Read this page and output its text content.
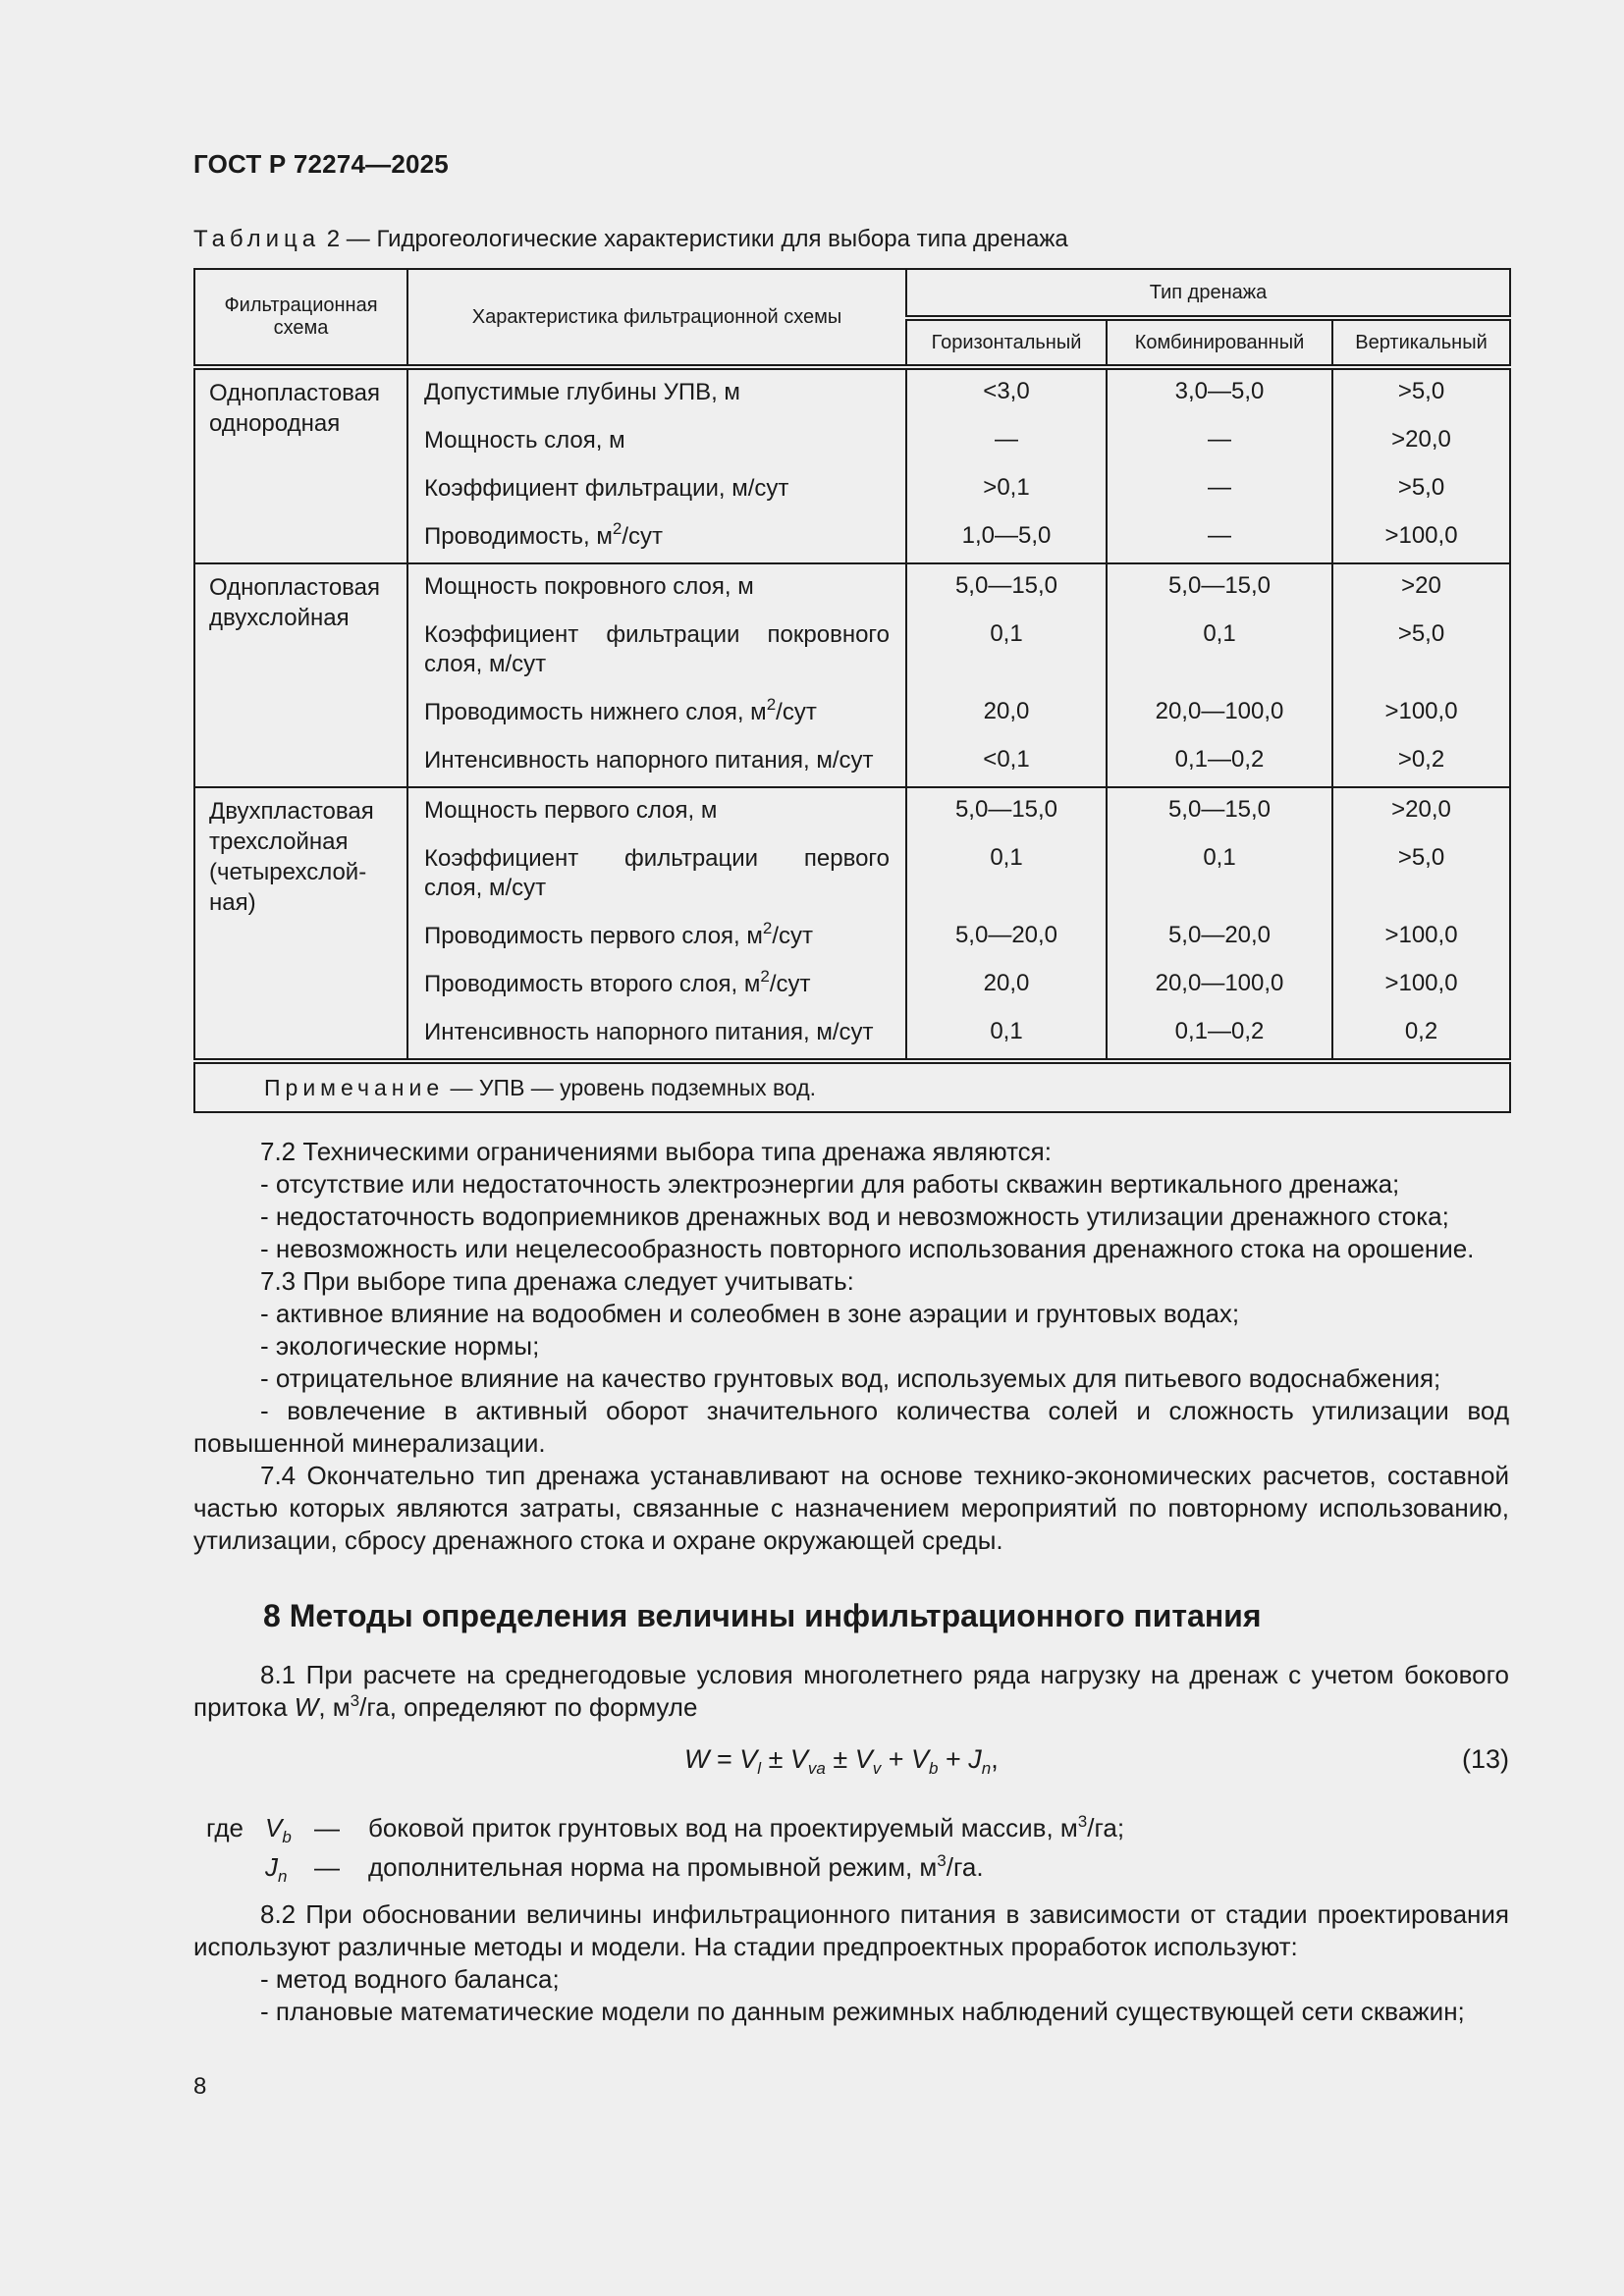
ГОСТ Р 72274—2025
Таблица 2 — Гидрогеологические характеристики для выбора типа дренажа
Фильтрационная схема	Характеристика фильтрационной схемы	Тип дренажа		
		Горизонтальный	Комбинированный	Вертикальный
Однопластовая однородная	Допустимые глубины УПВ, м	<3,0	3,0—5,0	>5,0

	Мощность слоя, м	—	—	>20,0

	Коэффициент фильтрации, м/сут	>0,1	—	>5,0

	Проводимость, $м^2$/сут	1,0—5,0	—	>100,0

Однопластовая двухслойная	Мощность покровного слоя, м	5,0—15,0	5,0—15,0	>20

	Коэффициент фильтрации покровного
слоя, м/сут	0,1	0,1	>5,0

	Проводимость нижнего слоя, $м^2$/сут	20,0	20,0—100,0	>100,0

	Интенсивность напорного питания, м/сут	<0,1	0,1—0,2	>0,2

Двухпластовая
трехслойная
(четырехслой-
ная)	Мощность первого слоя, м	5,0—15,0	5,0—15,0	>20,0

	Коэффициент фильтрации первого
слоя, м/сут	0,1	0,1	>5,0

	Проводимость первого слоя, $м^2$/сут	5,0—20,0	5,0—20,0	>100,0

	Проводимость второго слоя, $м^2$/сут	20,0	20,0—100,0	>100,0

	Интенсивность напорного питания, м/сут	0,1	0,1—0,2	0,2

Примечание — УПВ — уровень подземных вод.				

7.2 Техническими ограничениями выбора типа дренажа являются:

- отсутствие или недостаточность электроэнергии для работы скважин вертикального дренажа;

- недостаточность водоприемников дренажных вод и невозможность утилизации дренажного стока;

- невозможность или нецелесообразность повторного использования дренажного стока на орошение.

7.3 При выборе типа дренажа следует учитывать:

- активное влияние на водообмен и солеобмен в зоне аэрации и грунтовых водах;

- экологические нормы;

- отрицательное влияние на качество грунтовых вод, используемых для питьевого водоснабжения;

- вовлечение в активный оборот значительного количества солей и сложность утилизации вод повышенной минерализации.

7.4 Окончательно тип дренажа устанавливают на основе технико-экономических расчетов, составной частью которых являются затраты, связанные с назначением мероприятий по повторному использованию, утилизации, сбросу дренажного стока и охране окружающей среды.

8 Методы определения величины инфильтрационного питания

8.1 При расчете на среднегодовые условия многолетнего ряда нагрузку на дренаж с учетом бокового притока W, $м^3/га$, определяют по формуле

$W = V_l \pm V_{va} \pm V_v + V_b + J_n$,	(13)
где $V_b$ —	боковой приток грунтовых вод на проектируемый массив, $м^3/га$;
$J_n$	—	дополнительная норма на промывной режим, $м^3/га$.

8.2 При обосновании величины инфильтрационного питания в зависимости от стадии проектирования используют различные методы и модели. На стадии предпроектных проработок используют:

- метод водного баланса;

- плановые математические модели по данным режимных наблюдений существующей сети скважин;

8
